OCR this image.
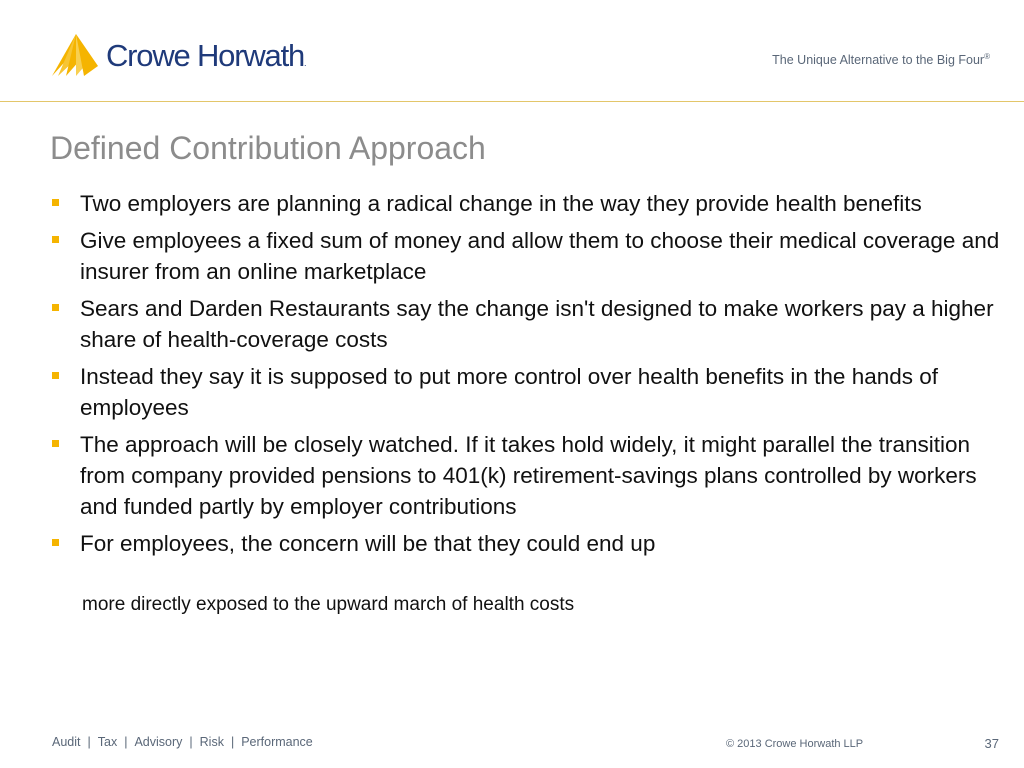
Crowe Horwath.	The Unique Alternative to the Big Four®
Defined Contribution Approach
Two employers are planning a radical change in the way they provide health benefits
Give employees a fixed sum of money and allow them to choose their medical coverage and insurer from an online marketplace
Sears and Darden Restaurants say the change isn't designed to make workers pay a higher share of health-coverage costs
Instead they say it is supposed to put more control over health benefits in the hands of employees
The approach will be closely watched. If it takes hold widely, it might parallel the transition from company provided pensions to 401(k) retirement-savings plans controlled by workers and funded partly by employer contributions
For employees, the concern will be that they could end up
more directly exposed to the upward march of health costs
Audit | Tax | Advisory | Risk | Performance	© 2013 Crowe Horwath LLP	37
